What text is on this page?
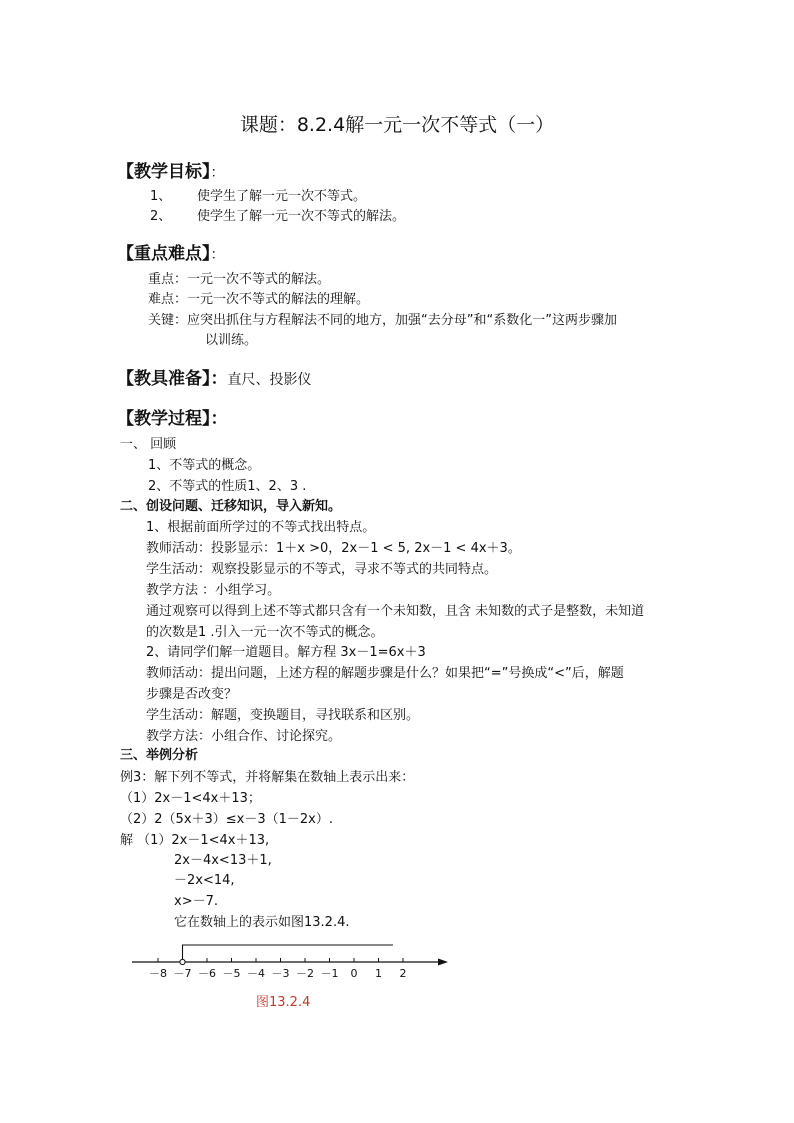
课题：8.2.4解一元一次不等式（一）
【教学目标】：
1、 使学生了解一元一次不等式。
2、 使学生了解一元一次不等式的解法。
【重点难点】：
重点：一元一次不等式的解法。
难点：一元一次不等式的解法的理解。
关键：应突出抓住与方程解法不同的地方，加强“去分母”和“系数化一”这两步骤加
以训练。
【教具准备】：直尺、投影仪
【教学过程】：
一、 回顾
1、不等式的概念。
2、不等式的性质1、2、3 .
二、创设问题、迁移知识，导入新知。
1、根据前面所学过的不等式找出特点。
教师活动：投影显示：1＋x >0，2x－1 < 5, 2x－1 < 4x＋3。
学生活动：观察投影显示的不等式，寻求不等式的共同特点。
教学方法 ：小组学习。
通过观察可以得到上述不等式都只含有一个未知数，且含 未知数的式子是整数，未知道
的次数是1 .引入一元一次不等式的概念。
2、请同学们解一道题目。解方程 3x－1=6x＋3
教师活动：提出问题，上述方程的解题步骤是什么？如果把“=”号换成“<”后，解题
步骤是否改变？
学生活动：解题，变换题目，寻找联系和区别。
教学方法：小组合作、讨论探究。
三、举例分析
例3：解下列不等式，并将解集在数轴上表示出来：
（1）2x－1<4x＋13；
（2）2（5x＋3）≤x－3（1－2x）.
解 （1）2x－1<4x＋13,
2x－4x<13＋1,
－2x<14,
x>－7.
它在数轴上的表示如图13.2.4.
－8 －7 －6 －5 －4 －3 －2 －1 0 1 2
图13.2.4
